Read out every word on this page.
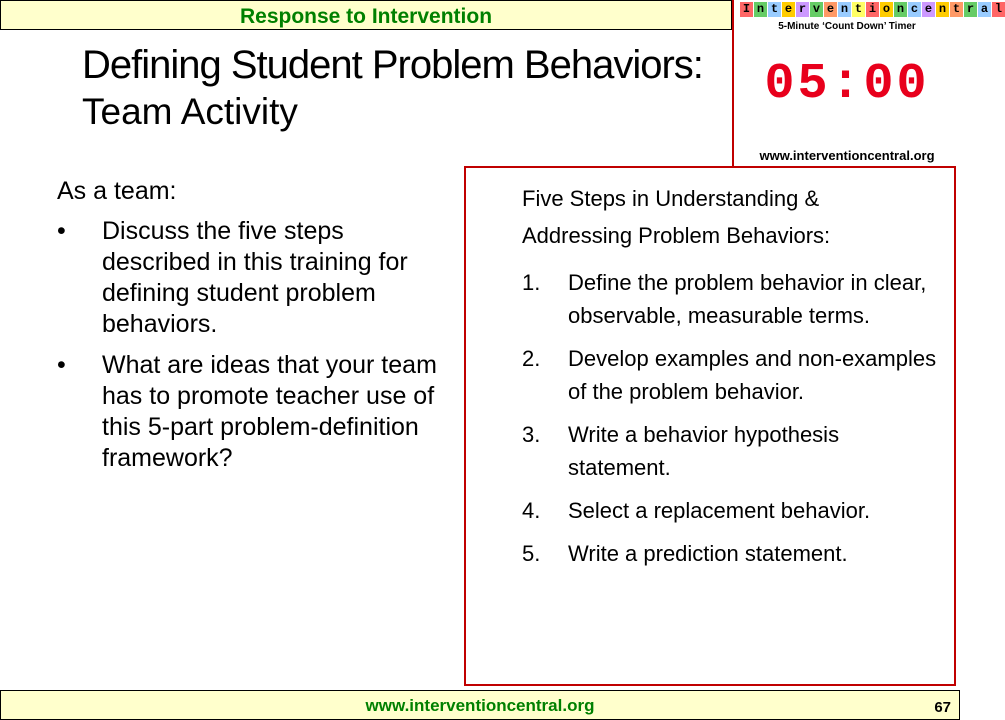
Response to Intervention
Defining Student Problem Behaviors:
Team Activity
I n t e r v e n t i o n c e n t r a l
5-Minute ‘Count Down’ Timer
05:00
www.interventioncentral.org
As a team:
•	Discuss the five steps described in this training for defining student problem behaviors.
•	What are ideas that your team has to promote teacher use of this 5-part problem-definition framework?
Five Steps in Understanding & Addressing Problem Behaviors:
1.	Define the problem behavior in clear, observable, measurable terms.
2.	Develop examples and non-examples of the problem behavior.
3.	Write a behavior hypothesis statement.
4.	Select a replacement behavior.
5.	Write a prediction statement.
www.interventioncentral.org	67
